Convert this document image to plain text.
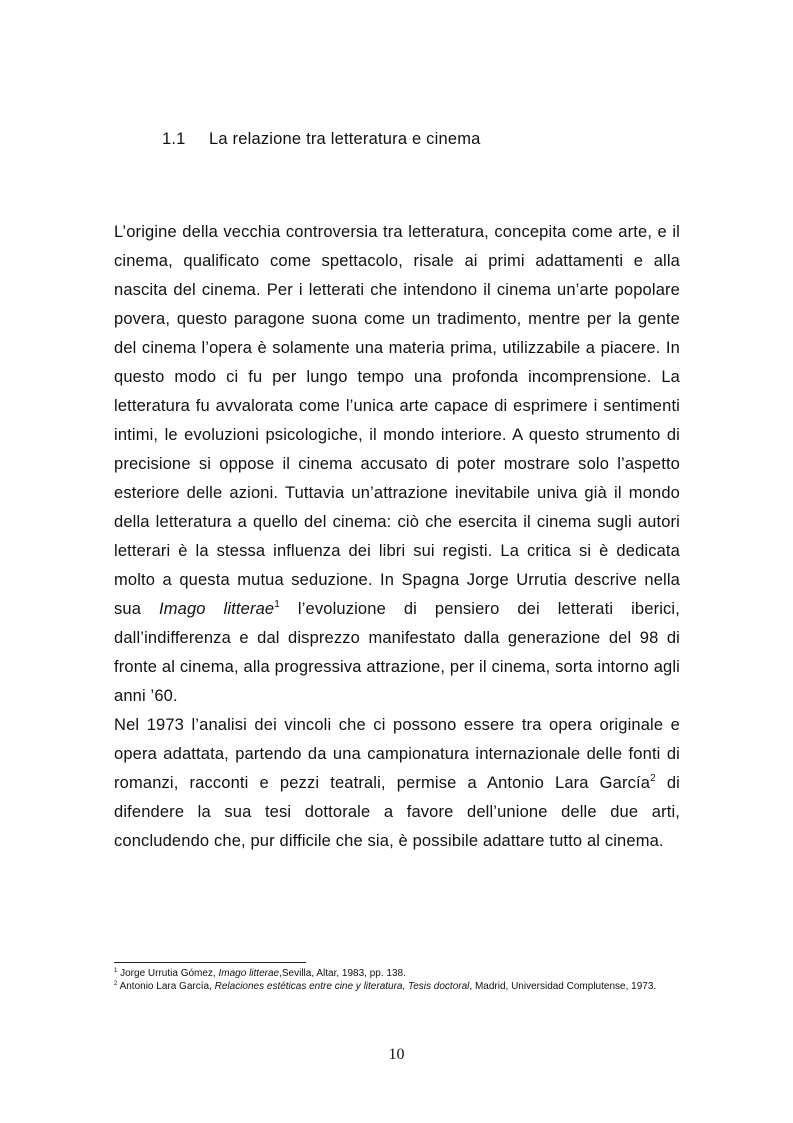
1.1 La relazione tra letteratura e cinema

L’origine della vecchia controversia tra letteratura, concepita come arte, e il cinema, qualificato come spettacolo, risale ai primi adattamenti e alla nascita del cinema. Per i letterati che intendono il cinema un’arte popolare povera, questo paragone suona come un tradimento, mentre per la gente del cinema l’opera è solamente una materia prima, utilizzabile a piacere. In questo modo ci fu per lungo tempo una profonda incomprensione. La letteratura fu avvalorata come l’unica arte capace di esprimere i sentimenti intimi, le evoluzioni psicologiche, il mondo interiore. A questo strumento di precisione si oppose il cinema accusato di poter mostrare solo l’aspetto esteriore delle azioni. Tuttavia un’attrazione inevitabile univa già il mondo della letteratura a quello del cinema: ciò che esercita il cinema sugli autori letterari è la stessa influenza dei libri sui registi. La critica si è dedicata molto a questa mutua seduzione. In Spagna Jorge Urrutia descrive nella sua Imago litterae$^1$ l’evoluzione di pensiero dei letterati iberici, dall’indifferenza e dal disprezzo manifestato dalla generazione del 98 di fronte al cinema, alla progressiva attrazione, per il cinema, sorta intorno agli anni ’60.

Nel 1973 l’analisi dei vincoli che ci possono essere tra opera originale e opera adattata, partendo da una campionatura internazionale delle fonti di romanzi, racconti e pezzi teatrali, permise a Antonio Lara García$^2$ di difendere la sua tesi dottorale a favore dell’unione delle due arti, concludendo che, pur difficile che sia, è possibile adattare tutto al cinema.

$^1$ Jorge Urrutia Gómez, Imago litterae,Sevilla, Altar, 1983, pp. 138.

$^2$ Antonio Lara García, Relaciones estéticas entre cine y literatura, Tesis doctoral, Madrid, Universidad Complutense, 1973.

10
